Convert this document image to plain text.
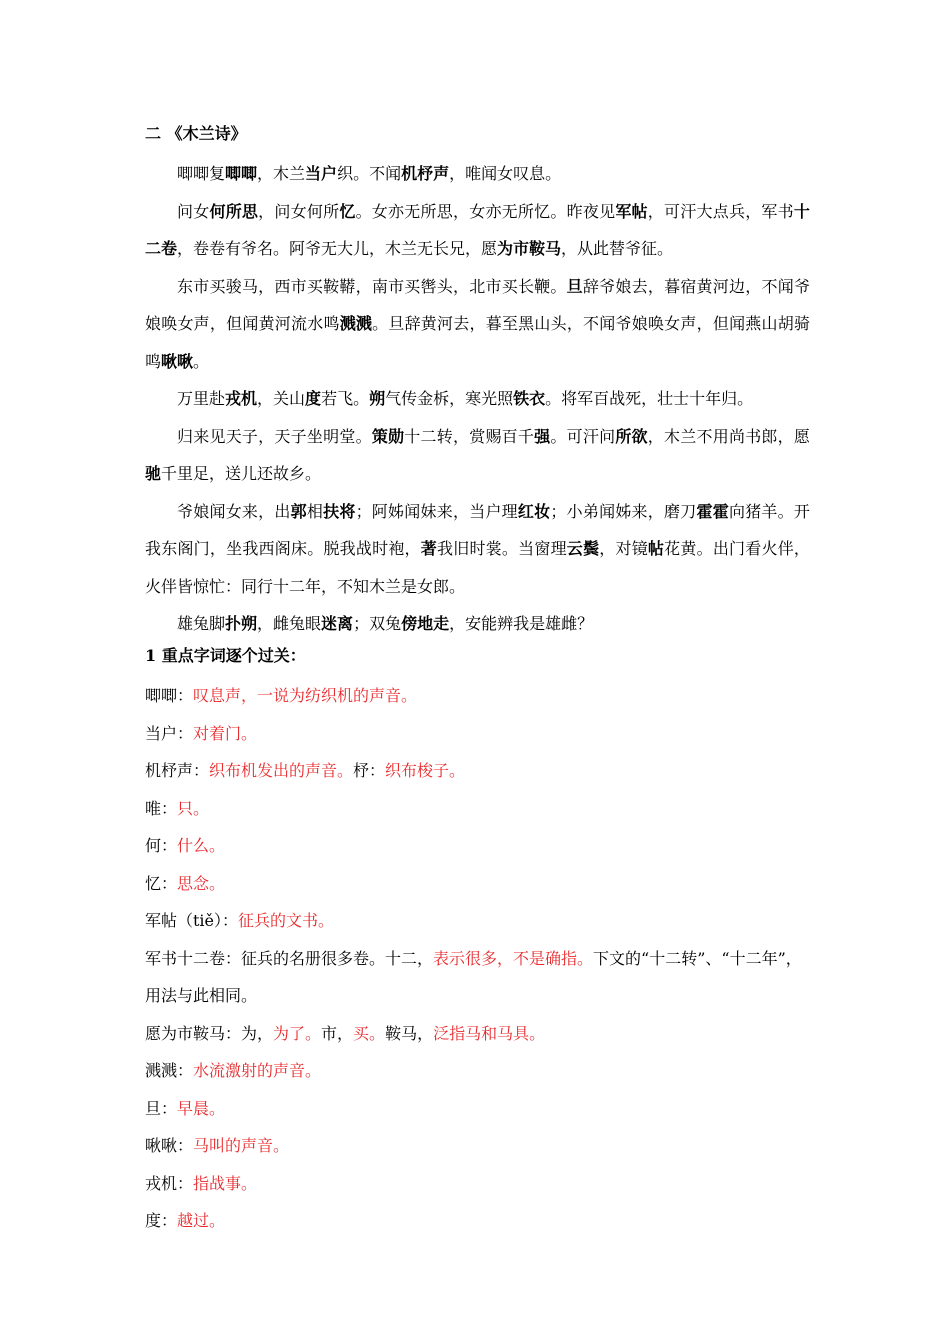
二 《木兰诗》

唧唧复唧唧，木兰当户织。不闻机杼声，唯闻女叹息。

问女何所思，问女何所忆。女亦无所思，女亦无所忆。昨夜见军帖，可汗大点兵，军书十二卷，卷卷有爷名。阿爷无大儿，木兰无长兄，愿为市鞍马，从此替爷征。

东市买骏马，西市买鞍鞯，南市买辔头，北市买长鞭。旦辞爷娘去，暮宿黄河边，不闻爷娘唤女声，但闻黄河流水鸣溅溅。旦辞黄河去，暮至黑山头，不闻爷娘唤女声，但闻燕山胡骑鸣啾啾。

万里赴戎机，关山度若飞。朔气传金柝，寒光照铁衣。将军百战死，壮士十年归。

归来见天子，天子坐明堂。策勋十二转，赏赐百千强。可汗问所欲，木兰不用尚书郎，愿驰千里足，送儿还故乡。

爷娘闻女来，出郭相扶将；阿姊闻妹来，当户理红妆；小弟闻姊来，磨刀霍霍向猪羊。开我东阁门，坐我西阁床。脱我战时袍，著我旧时裳。当窗理云鬓，对镜帖花黄。出门看火伴，火伴皆惊忙：同行十二年，不知木兰是女郎。

雄兔脚扑朔，雌兔眼迷离；双兔傍地走，安能辨我是雄雌？

1 重点字词逐个过关：

唧唧：叹息声，一说为纺织机的声音。

当户：对着门。

机杼声：织布机发出的声音。杼：织布梭子。

唯：只。

何：什么。

忆：思念。

军帖（tiě）：征兵的文书。

军书十二卷：征兵的名册很多卷。十二，表示很多，不是确指。下文的“十二转”、“十二年”，用法与此相同。

愿为市鞍马：为，为了。市，买。鞍马，泛指马和马具。

溅溅：水流激射的声音。

旦：早晨。

啾啾：马叫的声音。

戎机：指战事。

度：越过。
